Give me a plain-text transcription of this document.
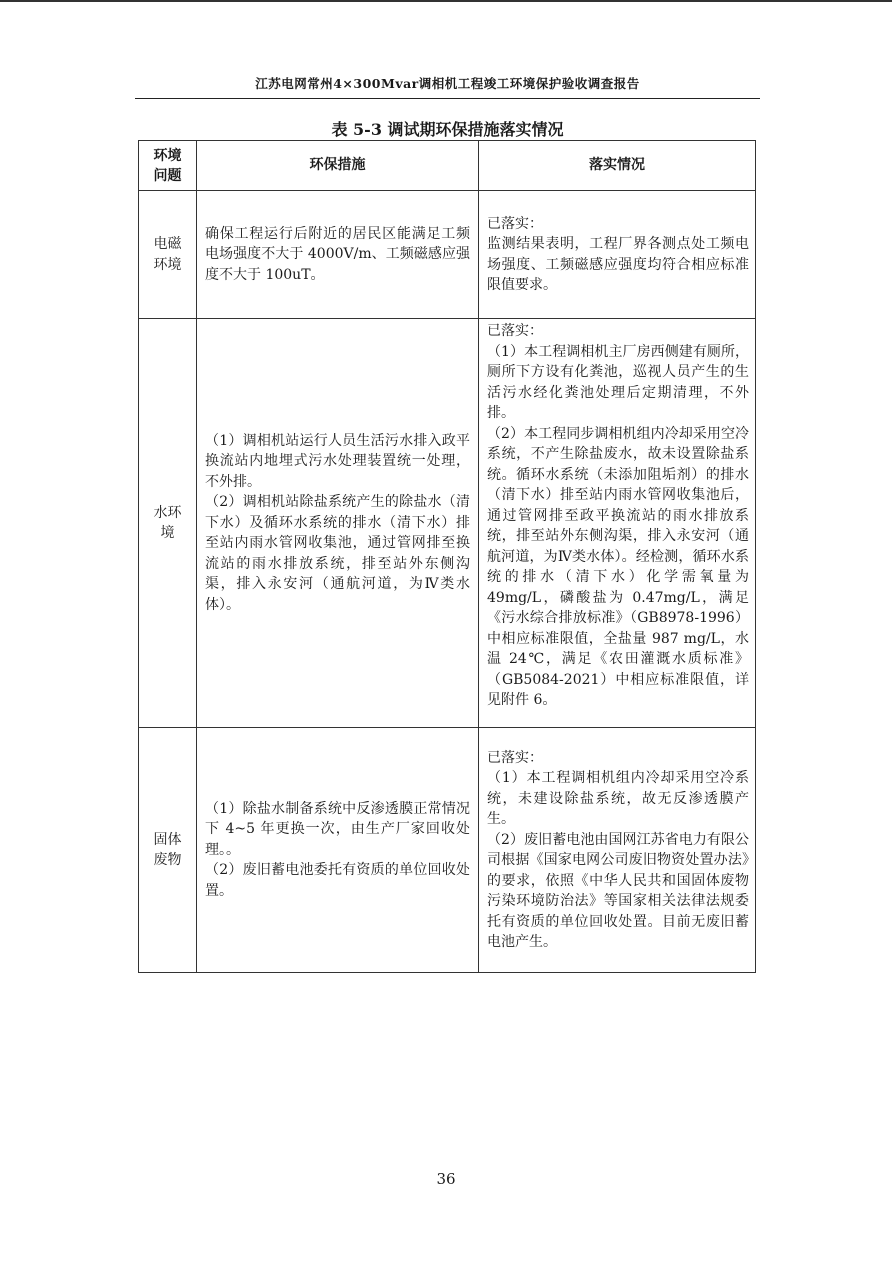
江苏电网常州4×300Mvar调相机工程竣工环境保护验收调查报告
表 5-3 调试期环保措施落实情况
环境问题	环保措施	落实情况

电磁环境	确保工程运行后附近的居民区能满足工频电场强度不大于 4000V/m、工频磁感应强度不大于 100uT。	已落实：
监测结果表明，工程厂界各测点处工频电场强度、工频磁感应强度均符合相应标准限值要求。

水环境	（1）调相机站运行人员生活污水排入政平换流站内地埋式污水处理装置统一处理，不外排。
（2）调相机站除盐系统产生的除盐水（清下水）及循环水系统的排水（清下水）排至站内雨水管网收集池，通过管网排至换流站的雨水排放系统，排至站外东侧沟渠，排入永安河（通航河道，为Ⅳ类水体）。	已落实：
（1）本工程调相机主厂房西侧建有厕所，厕所下方设有化粪池，巡视人员产生的生活污水经化粪池处理后定期清理，不外排。
（2）本工程同步调相机组内冷却采用空冷系统，不产生除盐废水，故未设置除盐系统。循环水系统（未添加阻垢剂）的排水（清下水）排至站内雨水管网收集池后，通过管网排至政平换流站的雨水排放系统，排至站外东侧沟渠，排入永安河（通航河道，为Ⅳ类水体）。经检测，循环水系统的排水（清下水）化学需氧量为 49mg/L，磷酸盐为 0.47mg/L，满足《污水综合排放标准》（GB8978-1996）中相应标准限值，全盐量 987 mg/L，水温 24℃，满足《农田灌溉水质标准》（GB5084-2021）中相应标准限值，详见附件 6。

固体废物	（1）除盐水制备系统中反渗透膜正常情况下 4~5 年更换一次，由生产厂家回收处理。。
（2）废旧蓄电池委托有资质的单位回收处置。	已落实：
（1）本工程调相机组内冷却采用空冷系统，未建设除盐系统，故无反渗透膜产生。
（2）废旧蓄电池由国网江苏省电力有限公司根据《国家电网公司废旧物资处置办法》的要求，依照《中华人民共和国固体废物污染环境防治法》等国家相关法律法规委托有资质的单位回收处置。目前无废旧蓄电池产生。
36
